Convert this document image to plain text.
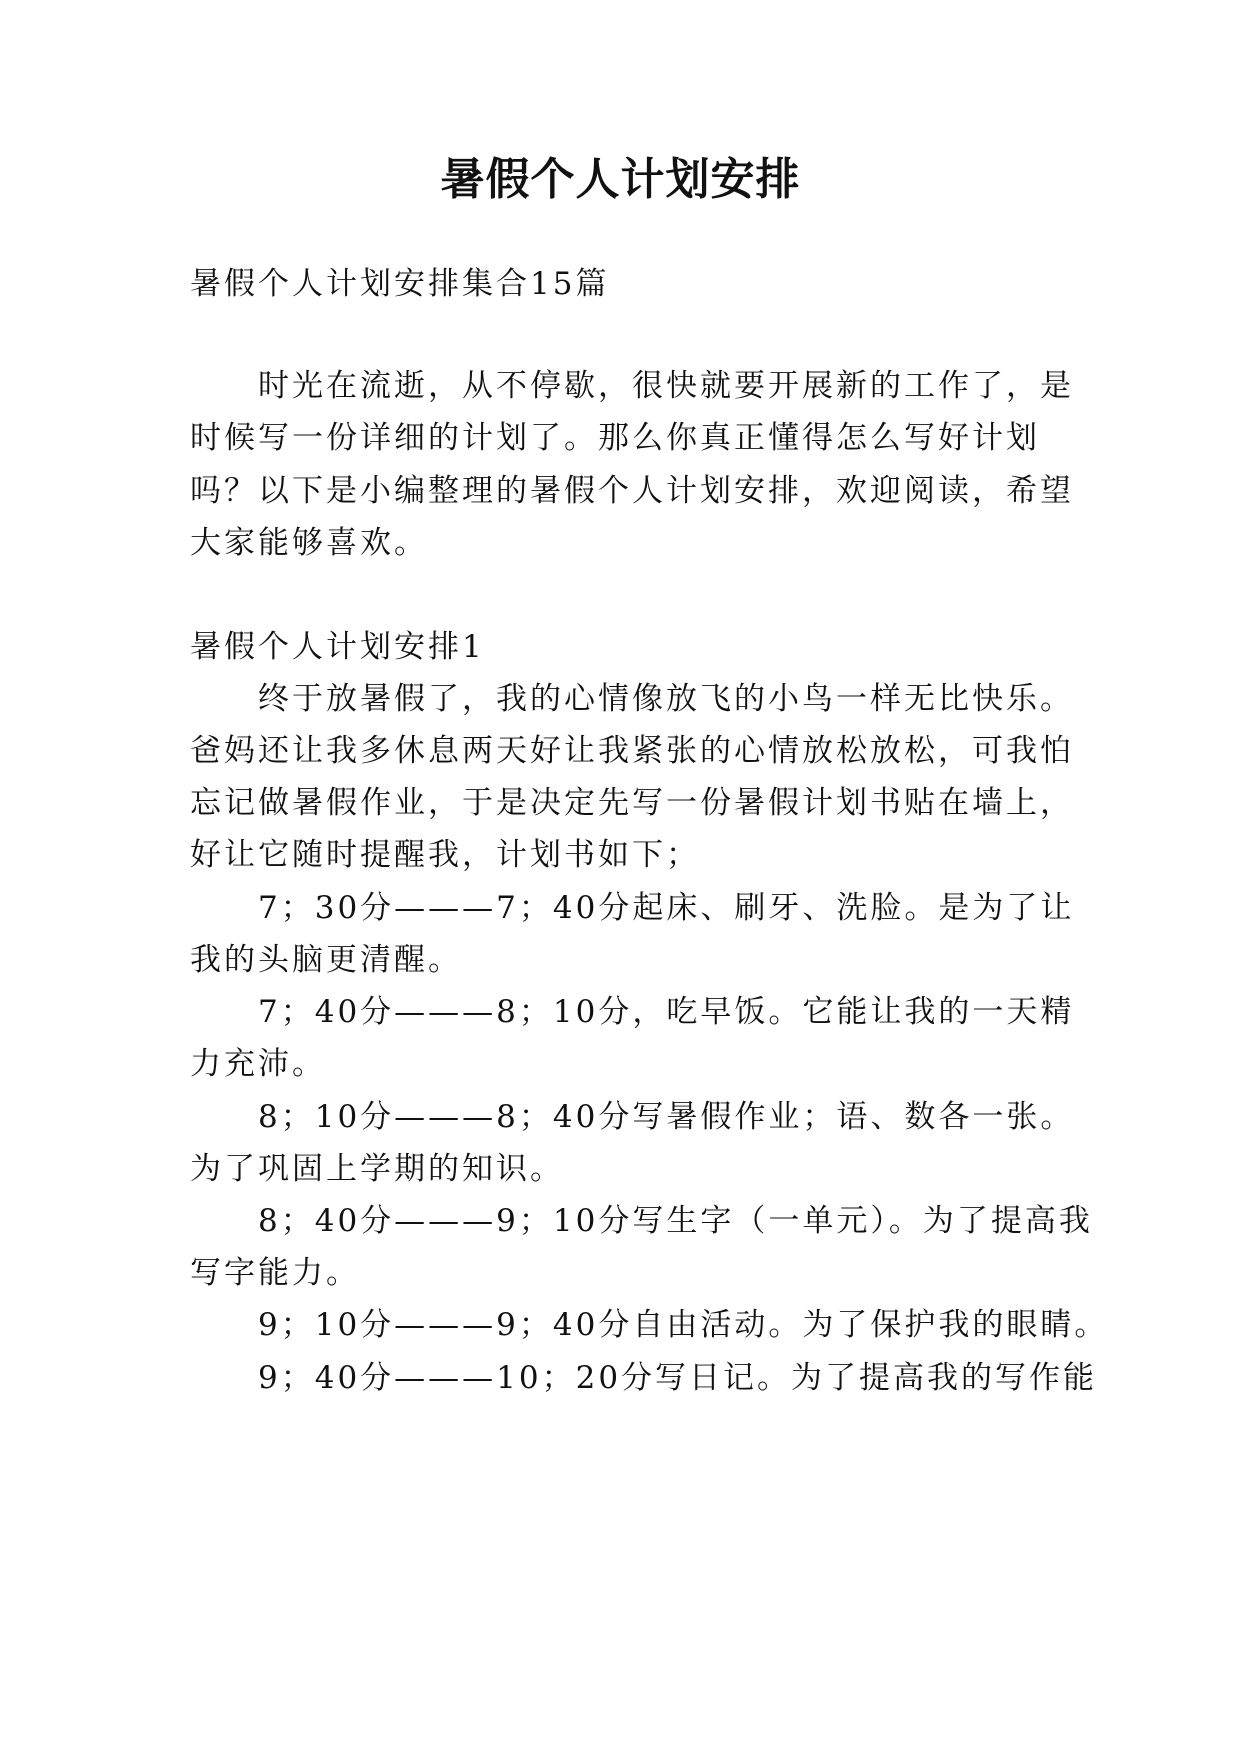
暑假个人计划安排
暑假个人计划安排集合15篇
时光在流逝，从不停歇，很快就要开展新的工作了，是
时候写一份详细的计划了。那么你真正懂得怎么写好计划
吗？以下是小编整理的暑假个人计划安排，欢迎阅读，希望
大家能够喜欢。
暑假个人计划安排1
终于放暑假了，我的心情像放飞的小鸟一样无比快乐。
爸妈还让我多休息两天好让我紧张的心情放松放松，可我怕
忘记做暑假作业，于是决定先写一份暑假计划书贴在墙上，
好让它随时提醒我，计划书如下；
7；30分———7；40分起床、刷牙、洗脸。是为了让
我的头脑更清醒。
7；40分———8；10分，吃早饭。它能让我的一天精
力充沛。
8；10分———8；40分写暑假作业；语、数各一张。
为了巩固上学期的知识。
8；40分———9；10分写生字（一单元）。为了提高我
写字能力。
9；10分———9；40分自由活动。为了保护我的眼睛。
9；40分———10；20分写日记。为了提高我的写作能
